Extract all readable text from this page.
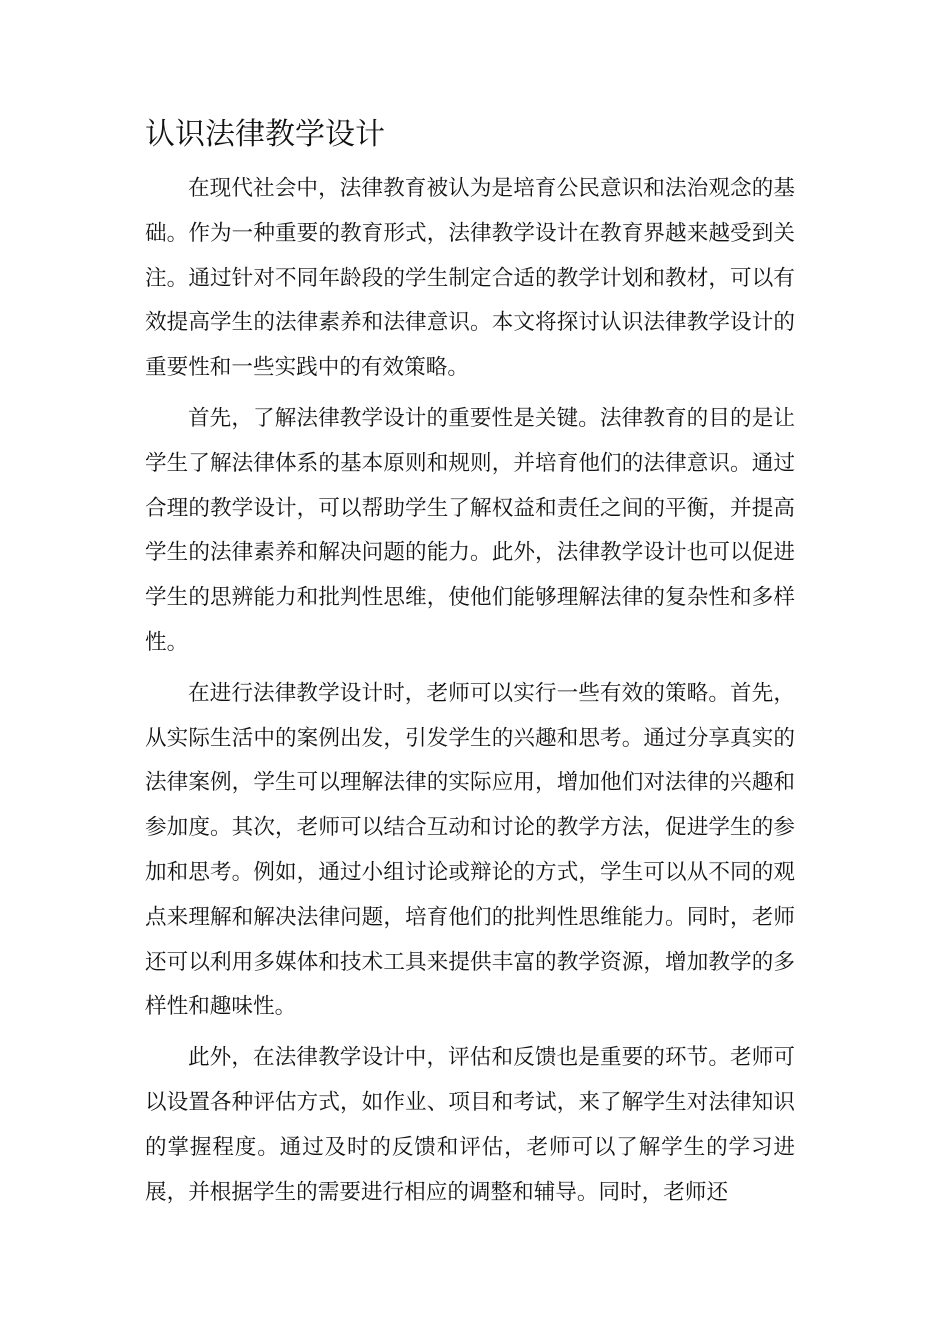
认识法律教学设计

在现代社会中，法律教育被认为是培育公民意识和法治观念的基础。作为一种重要的教育形式，法律教学设计在教育界越来越受到关注。通过针对不同年龄段的学生制定合适的教学计划和教材，可以有效提高学生的法律素养和法律意识。本文将探讨认识法律教学设计的重要性和一些实践中的有效策略。

首先，了解法律教学设计的重要性是关键。法律教育的目的是让学生了解法律体系的基本原则和规则，并培育他们的法律意识。通过合理的教学设计，可以帮助学生了解权益和责任之间的平衡，并提高学生的法律素养和解决问题的能力。此外，法律教学设计也可以促进学生的思辨能力和批判性思维，使他们能够理解法律的复杂性和多样性。

在进行法律教学设计时，老师可以实行一些有效的策略。首先，从实际生活中的案例出发，引发学生的兴趣和思考。通过分享真实的法律案例，学生可以理解法律的实际应用，增加他们对法律的兴趣和参加度。其次，老师可以结合互动和讨论的教学方法，促进学生的参加和思考。例如，通过小组讨论或辩论的方式，学生可以从不同的观点来理解和解决法律问题，培育他们的批判性思维能力。同时，老师还可以利用多媒体和技术工具来提供丰富的教学资源，增加教学的多样性和趣味性。

此外，在法律教学设计中，评估和反馈也是重要的环节。老师可以设置各种评估方式，如作业、项目和考试，来了解学生对法律知识的掌握程度。通过及时的反馈和评估，老师可以了解学生的学习进展，并根据学生的需要进行相应的调整和辅导。同时，老师还
